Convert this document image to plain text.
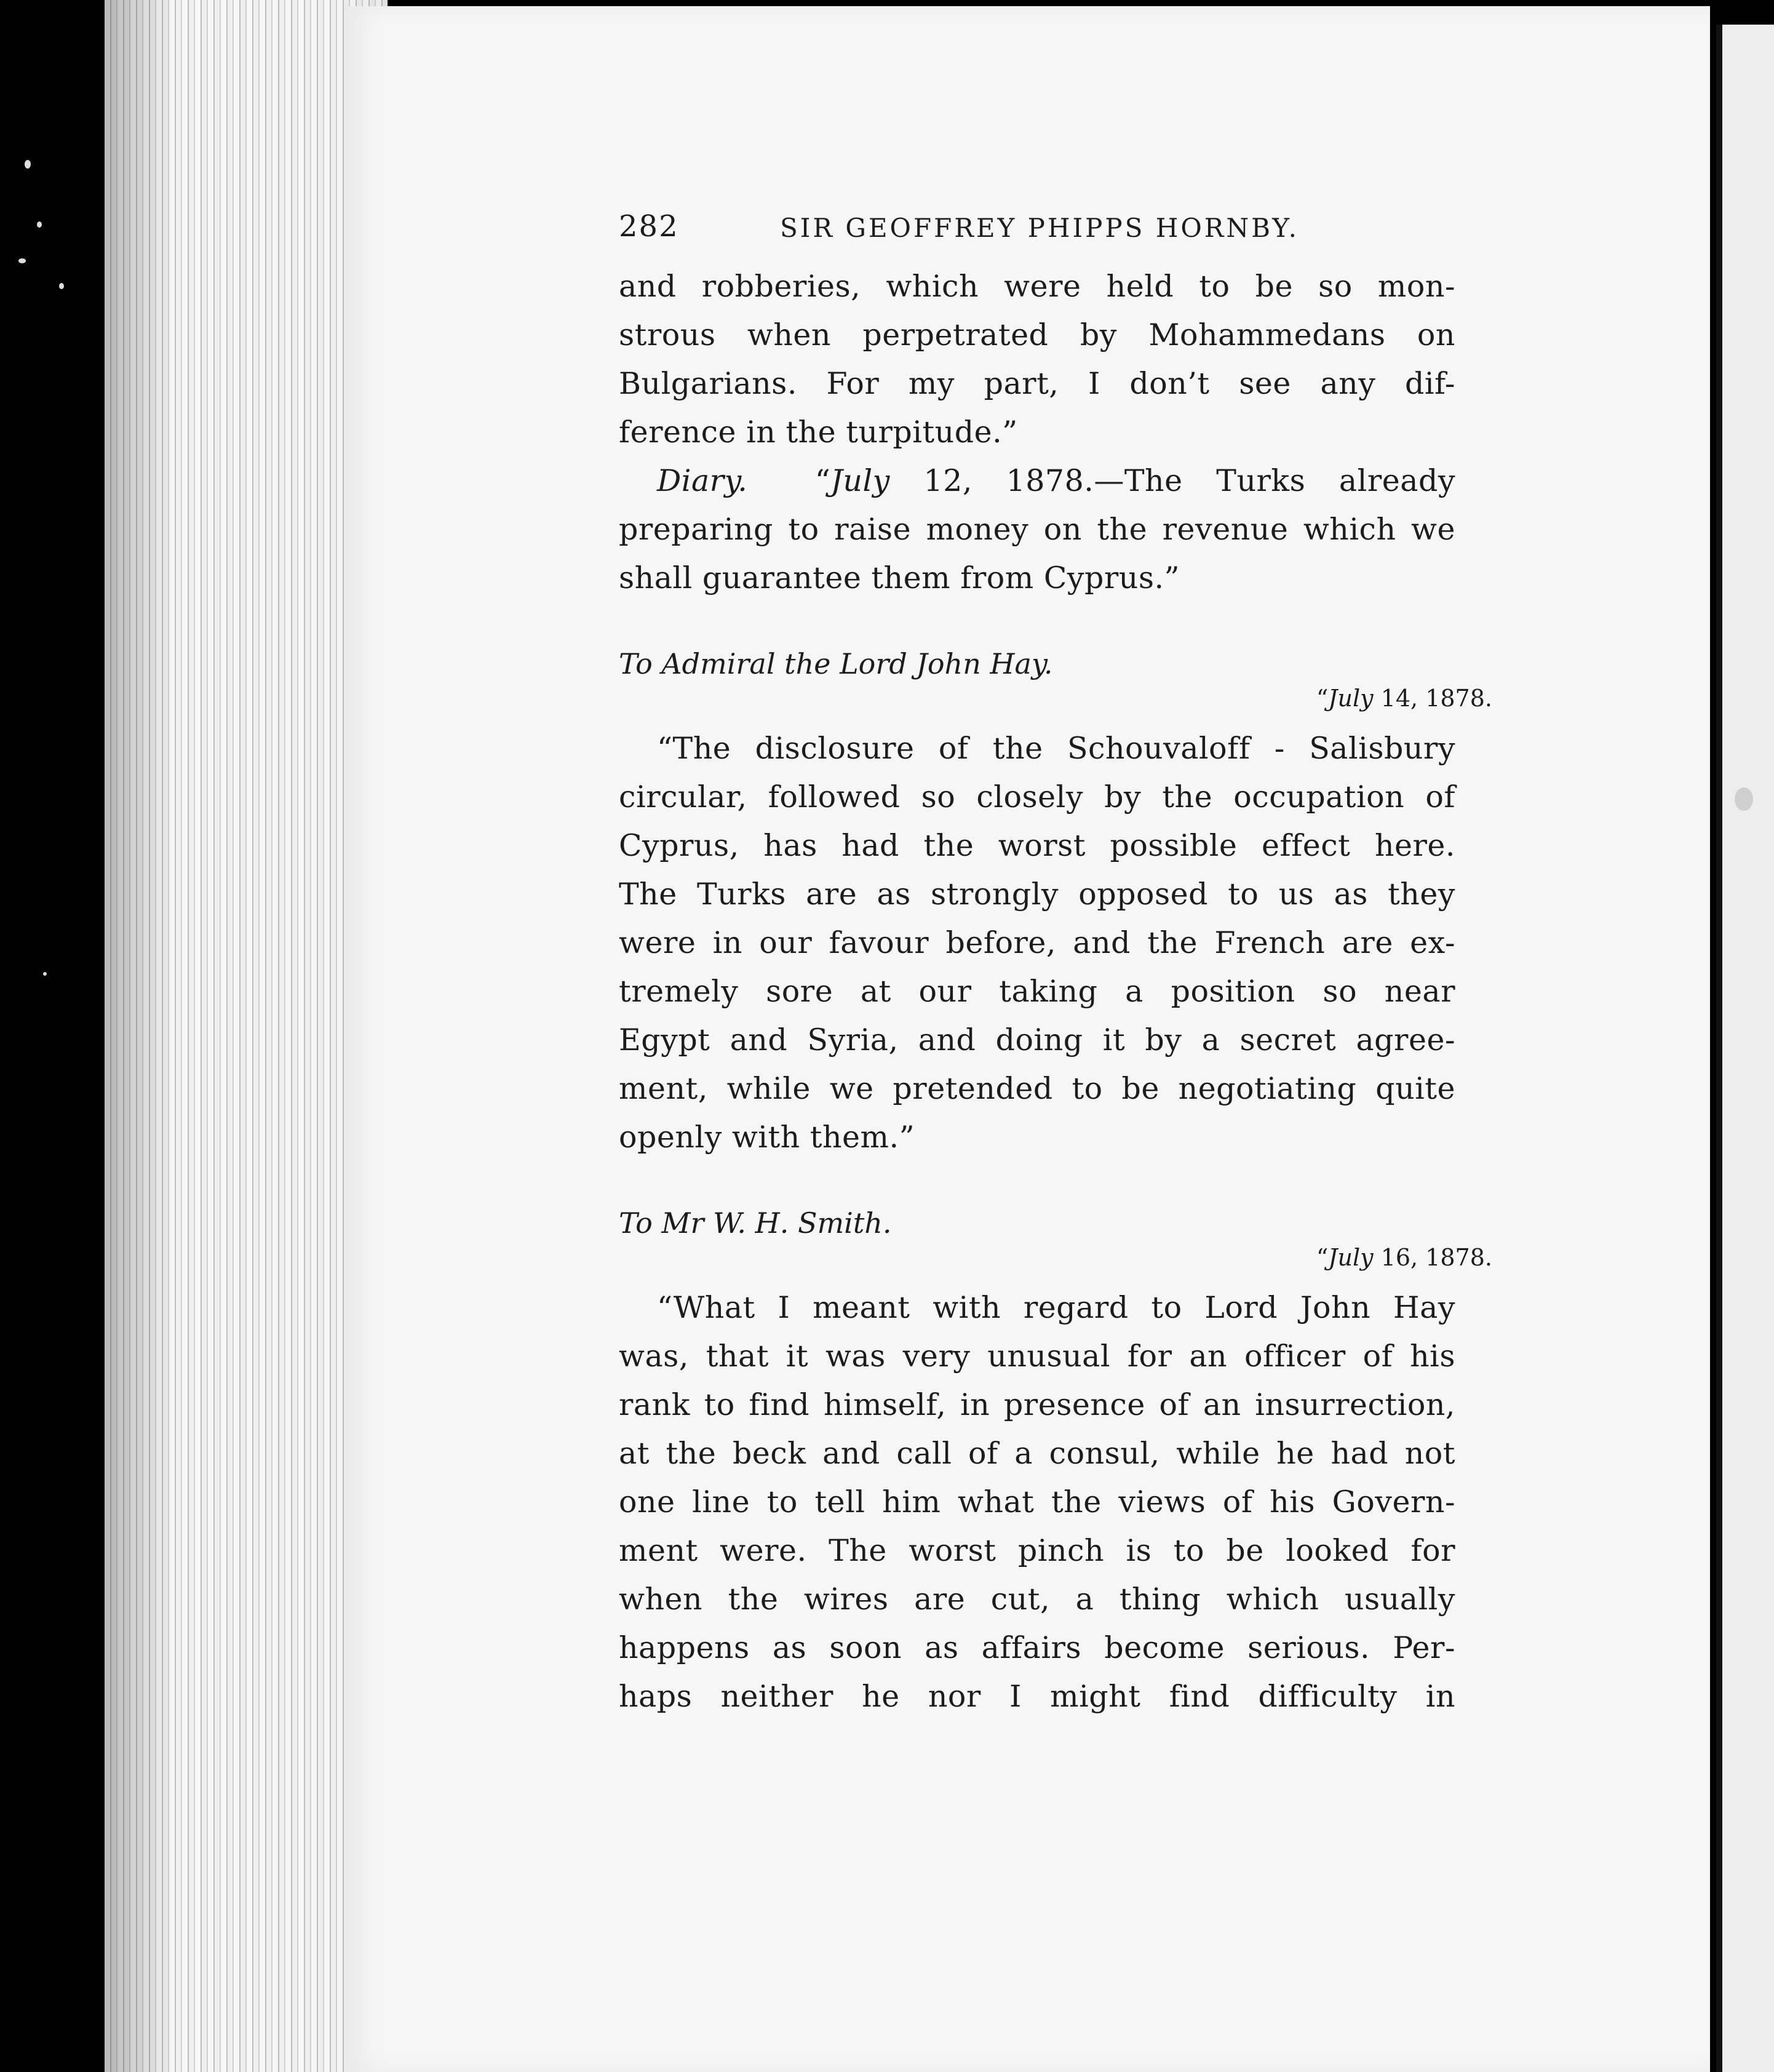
282	SIR GEOFFREY PHIPPS HORNBY.

and robberies, which were held to be so mon-
strous when perpetrated by Mohammedans on
Bulgarians. For my part, I don’t see any dif-
ference in the turpitude.”

Diary. “July 12, 1878.—The Turks already
preparing to raise money on the revenue which we
shall guarantee them from Cyprus.”

To Admiral the Lord John Hay.

“July 14, 1878.

“The disclosure of the Schouvaloff - Salisbury
circular, followed so closely by the occupation of
Cyprus, has had the worst possible effect here.
The Turks are as strongly opposed to us as they
were in our favour before, and the French are ex-
tremely sore at our taking a position so near
Egypt and Syria, and doing it by a secret agree-
ment, while we pretended to be negotiating quite
openly with them.”

To Mr W. H. Smith.

“July 16, 1878.

“What I meant with regard to Lord John Hay
was, that it was very unusual for an officer of his
rank to find himself, in presence of an insurrection,
at the beck and call of a consul, while he had not
one line to tell him what the views of his Govern-
ment were. The worst pinch is to be looked for
when the wires are cut, a thing which usually
happens as soon as affairs become serious. Per-
haps neither he nor I might find difficulty in
